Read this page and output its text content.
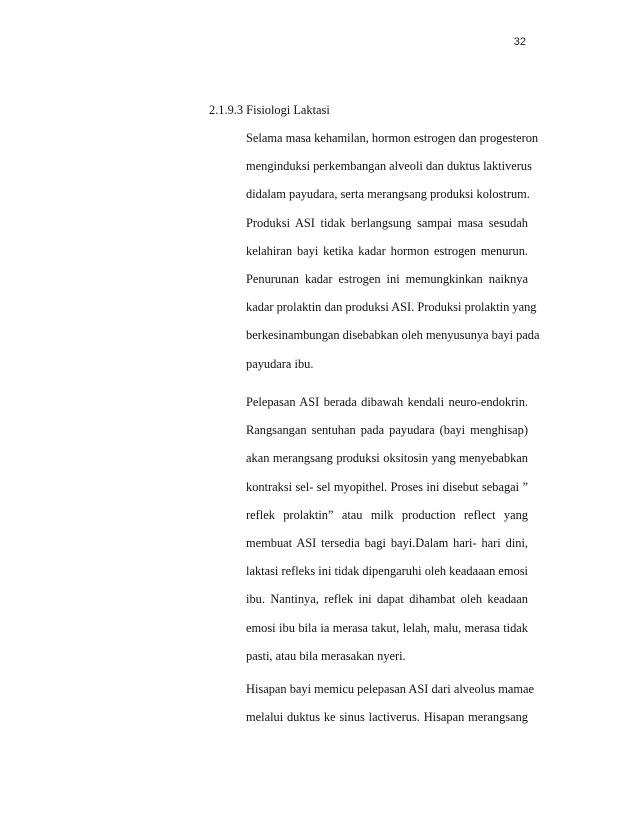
32
2.1.9.3 Fisiologi Laktasi
Selama masa kehamilan, hormon estrogen dan progesteron
menginduksi perkembangan alveoli dan duktus laktiverus
didalam payudara, serta merangsang produksi kolostrum.
Produksi ASI tidak berlangsung sampai masa sesudah
kelahiran bayi ketika kadar hormon estrogen menurun.
Penurunan kadar estrogen ini memungkinkan naiknya
kadar prolaktin dan produksi ASI. Produksi prolaktin yang
berkesinambungan disebabkan oleh menyusunya bayi pada
payudara ibu.
Pelepasan ASI berada dibawah kendali neuro-endokrin.
Rangsangan sentuhan pada payudara (bayi menghisap)
akan merangsang produksi oksitosin yang menyebabkan
kontraksi sel- sel myopithel. Proses ini disebut sebagai ”
reflek prolaktin” atau milk production reflect yang
membuat ASI tersedia bagi bayi.Dalam hari- hari dini,
laktasi refleks ini tidak dipengaruhi oleh keadaaan emosi
ibu. Nantinya, reflek ini dapat dihambat oleh keadaan
emosi ibu bila ia merasa takut, lelah, malu, merasa tidak
pasti, atau bila merasakan nyeri.
Hisapan bayi memicu pelepasan ASI dari alveolus mamae
melalui duktus ke sinus lactiverus. Hisapan merangsang
